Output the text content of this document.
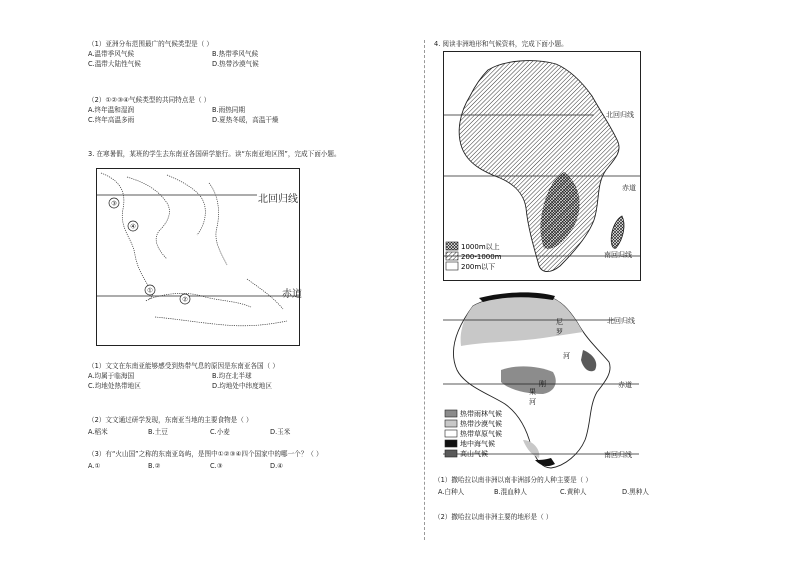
（1）亚洲分布范围最广的气候类型是（ ）
A.温带季风气候	B.热带季风气候
C.温带大陆性气候	D.热带沙漠气候
（2）①②③④气候类型的共同特点是（ ）
A.终年温和湿润	B.雨热同期
C.终年高温多雨	D.夏热冬暖，高温干燥
3. 在寒暑假，某班的学生去东南亚各国研学旅行。读“东南亚地区图”，完成下面小题。
③
④
①
②
北回归线
赤道
（1）文文在东南亚能够感受到热带气息的原因是东南亚各国（ ）
A.均属于临海国	B.均在北半球
C.均地处热带地区	D.均地处中纬度地区
（2）文文通过研学发现，东南亚当地的主要食物是（ ）
A.稻米	B.土豆	C.小麦	D.玉米
（3）有“火山国”之称的东南亚岛屿，是图中①②③④四个国家中的哪一个？（ ）
A.①	B.②	C.③	D.④
4. 阅读非洲地形和气候资料，完成下面小题。
1000m以上
200-1000m
200m以下
北回归线
赤道
南回归线
热带雨林气候
热带沙漠气候
热带草原气候
地中海气候
高山气候
尼
罗
河
刚
果
河
北回归线
赤道
南回归线
（1）撒哈拉以南非洲以南非洲部分的人种主要是（ ）
A.白种人	B.混血种人	C.黄种人	D.黑种人
（2）撒哈拉以南非洲主要的地形是（ ）
